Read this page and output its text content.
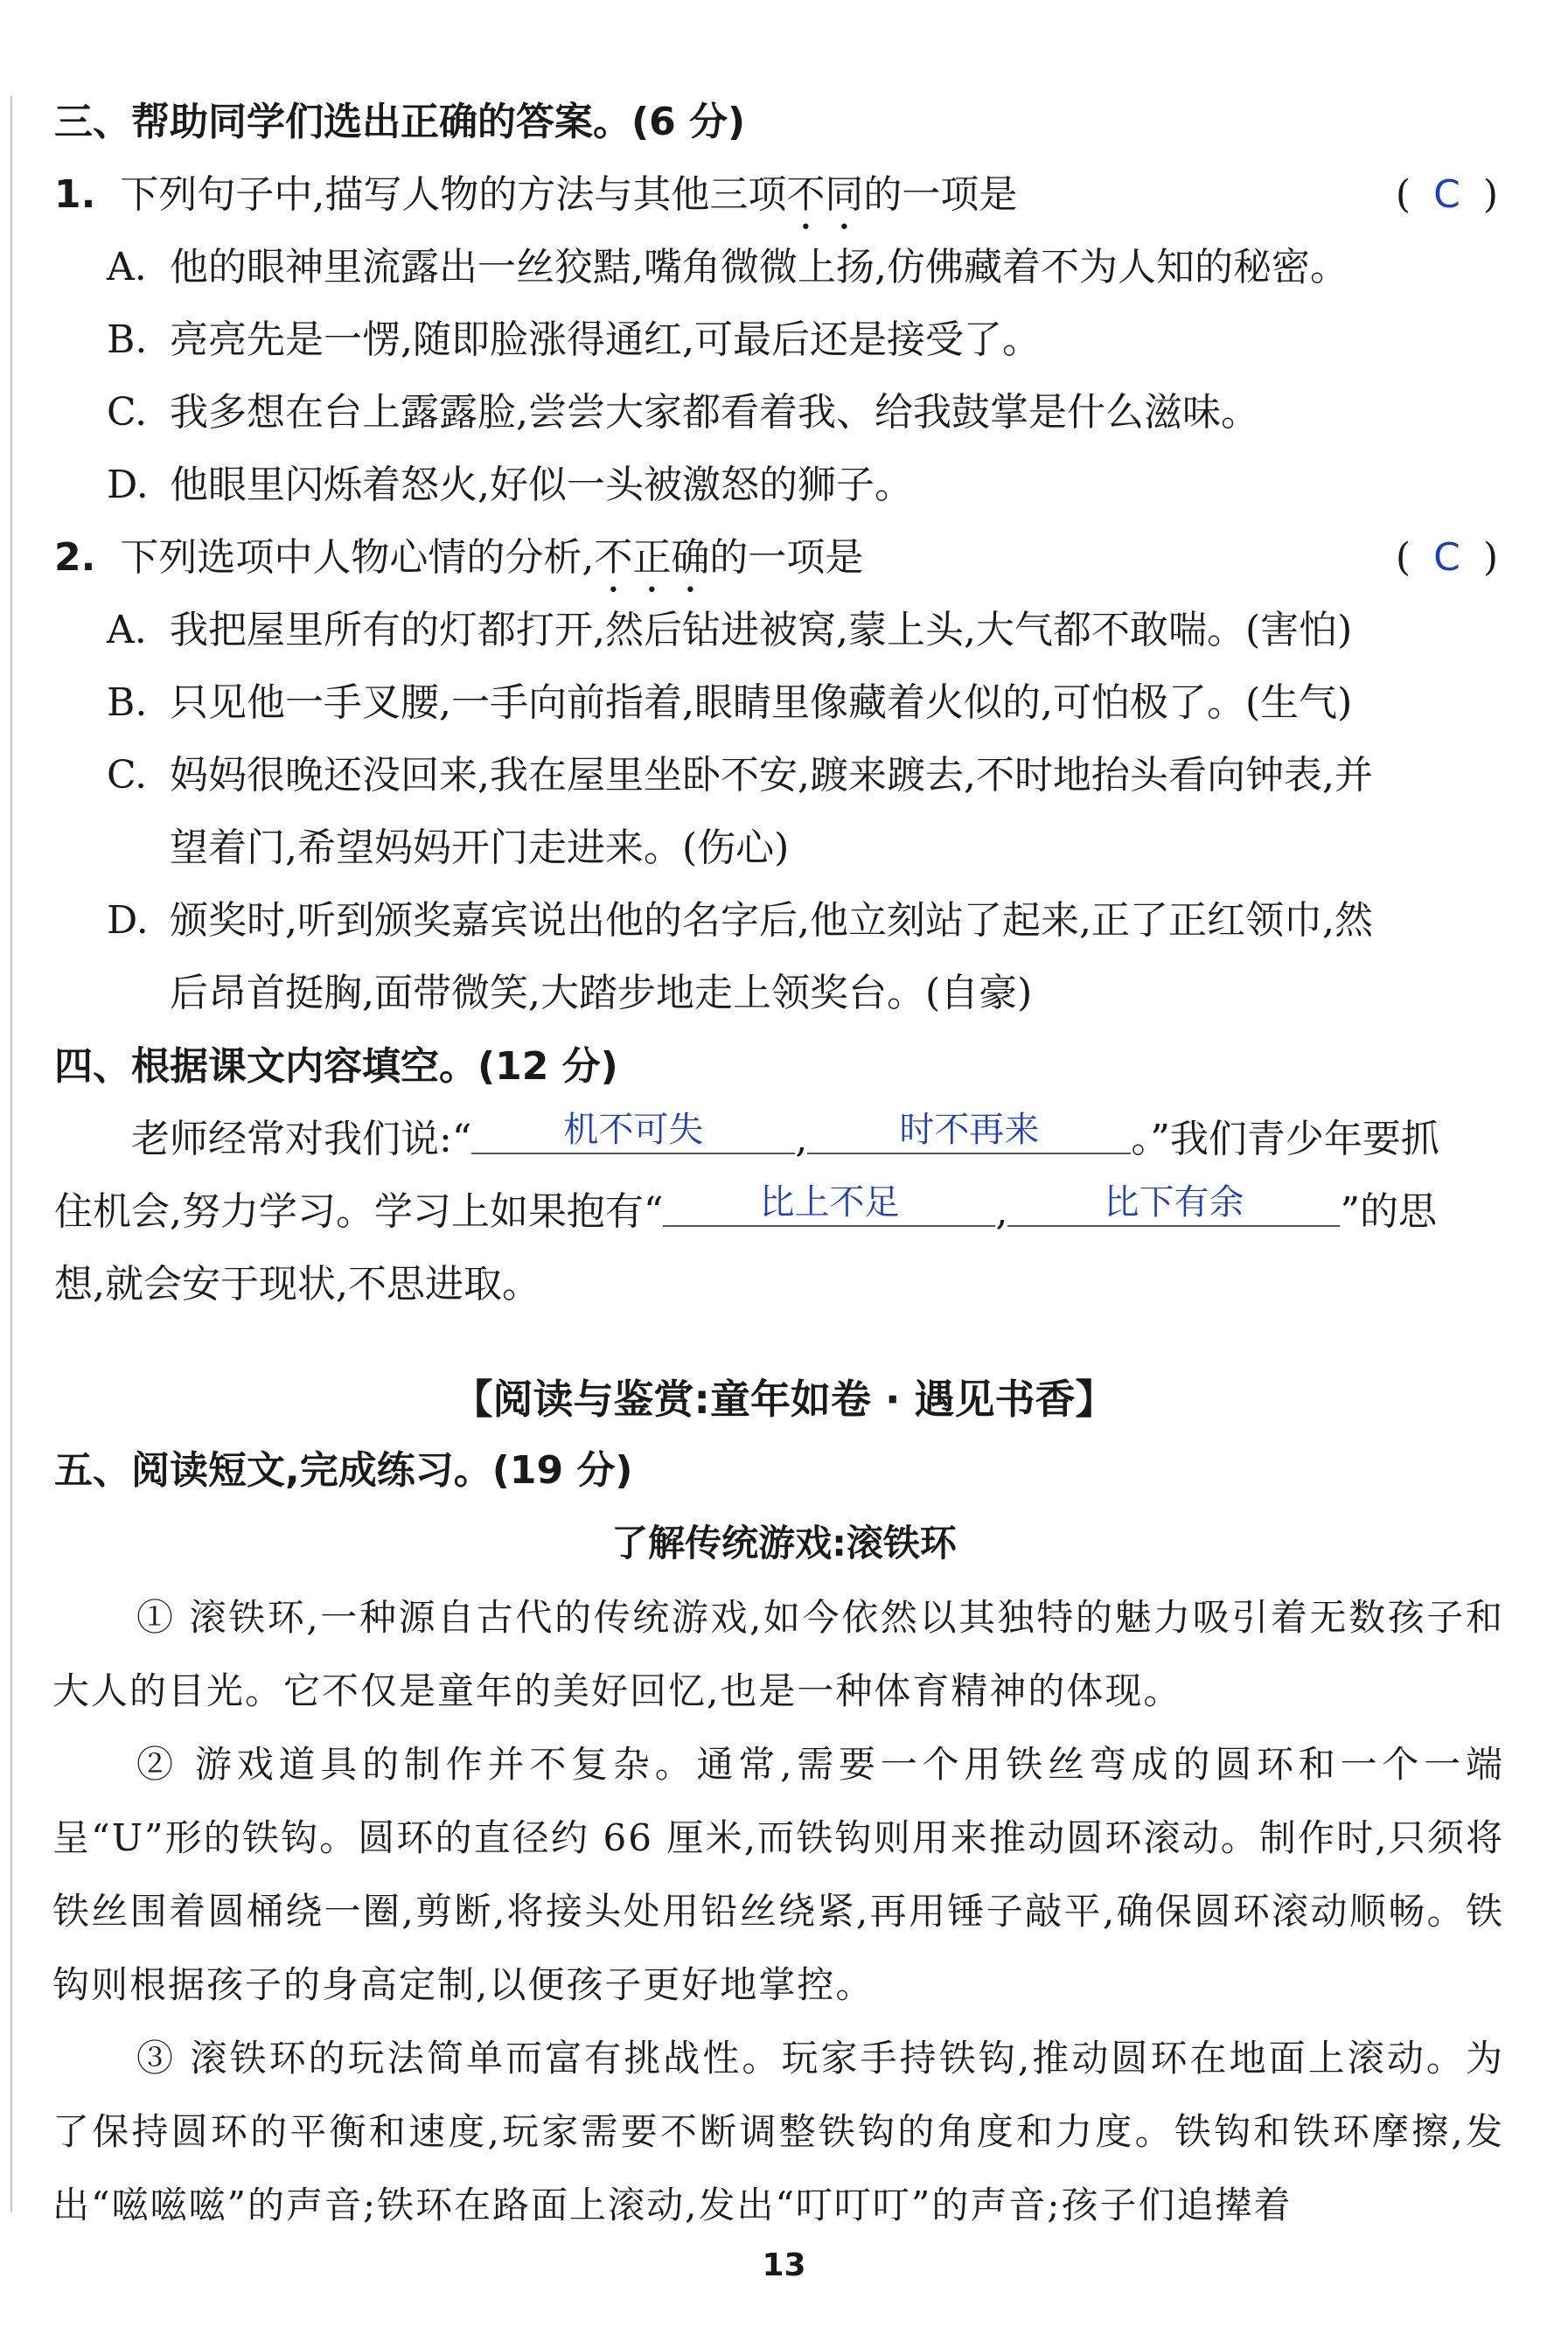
三、帮助同学们选出正确的答案。(6 分)
1. 下列句子中,描写人物的方法与其他三项不同的一项是	( C )
A. 他的眼神里流露出一丝狡黠,嘴角微微上扬,仿佛藏着不为人知的秘密。
B. 亮亮先是一愣,随即脸涨得通红,可最后还是接受了。
C. 我多想在台上露露脸,尝尝大家都看着我、给我鼓掌是什么滋味。
D. 他眼里闪烁着怒火,好似一头被激怒的狮子。
2. 下列选项中人物心情的分析,不正确的一项是	( C )
A. 我把屋里所有的灯都打开,然后钻进被窝,蒙上头,大气都不敢喘。(害怕)
B. 只见他一手叉腰,一手向前指着,眼睛里像藏着火似的,可怕极了。(生气)
C. 妈妈很晚还没回来,我在屋里坐卧不安,踱来踱去,不时地抬头看向钟表,并
望着门,希望妈妈开门走进来。(伤心)
D. 颁奖时,听到颁奖嘉宾说出他的名字后,他立刻站了起来,正了正红领巾,然
后昂首挺胸,面带微笑,大踏步地走上领奖台。(自豪)
四、根据课文内容填空。(12 分)
老师经常对我们说:“	机不可失 ,	时不再来 。”我们青少年要抓
住机会,努力学习。学习上如果抱有“	比上不足	,	比下有余	”的思
想,就会安于现状,不思进取。
【阅读与鉴赏:童年如卷 · 遇见书香】
五、阅读短文,完成练习。(19 分)
了解传统游戏:滚铁环
① 滚铁环,一种源自古代的传统游戏,如今依然以其独特的魅力吸引着无数孩子和大人的目光。它不仅是童年的美好回忆,也是一种体育精神的体现。
② 游戏道具的制作并不复杂。通常,需要一个用铁丝弯成的圆环和一个一端呈“U”形的铁钩。圆环的直径约 66 厘米,而铁钩则用来推动圆环滚动。制作时,只须将铁丝围着圆桶绕一圈,剪断,将接头处用铅丝绕紧,再用锤子敲平,确保圆环滚动顺畅。铁钩则根据孩子的身高定制,以便孩子更好地掌控。
③ 滚铁环的玩法简单而富有挑战性。玩家手持铁钩,推动圆环在地面上滚动。为了保持圆环的平衡和速度,玩家需要不断调整铁钩的角度和力度。铁钩和铁环摩擦,发出“嗞嗞嗞”的声音;铁环在路面上滚动,发出“叮叮叮”的声音;孩子们追撵着
13
